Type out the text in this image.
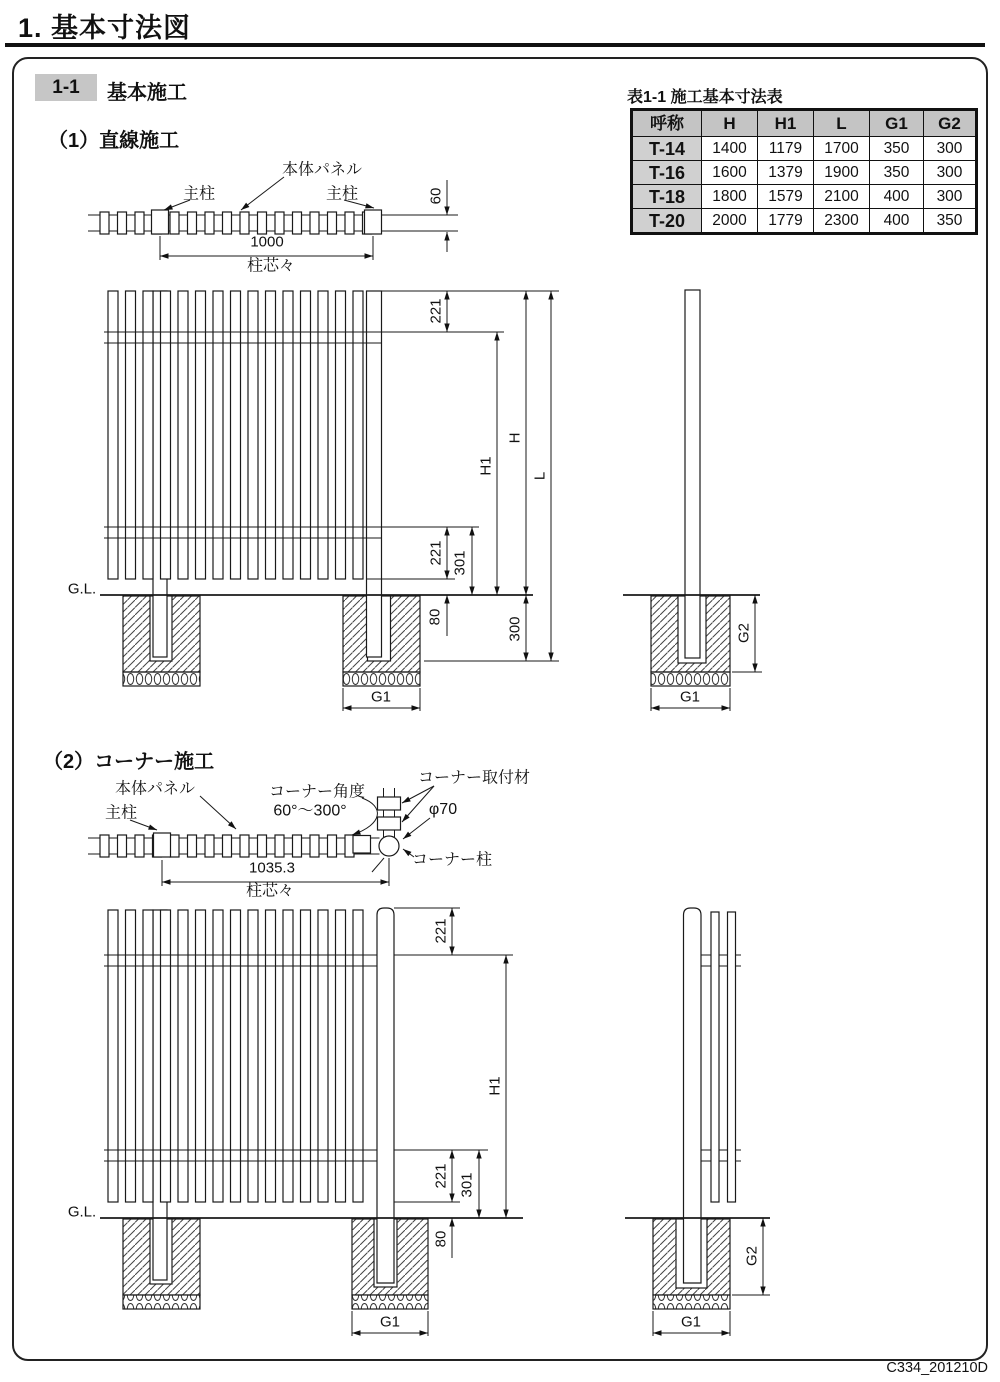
1. 基本寸法図
1-1	基本施工
（1）直線施工
（2）コーナー施工
表1-1 施工基本寸法表
呼称	H	H1	L	G1	G2
T-14	1400	1179	1700	350	300
T-16	1600	1379	1900	350	300
T-18	1800	1579	2100	400	300
T-20	2000	1779	2300	400	350
本体パネル
主柱	主柱
柱芯々
G.L.
本体パネル
主柱
コーナー角度
60°～300°
コーナー取付材
φ70
コーナー柱
柱芯々
G.L.
C334_201210D
60
1000
221
221 301
80
H1
H
L
300
G1
G2
G1
1035.3
221
221 301
80
H1
G1
G2
G1
